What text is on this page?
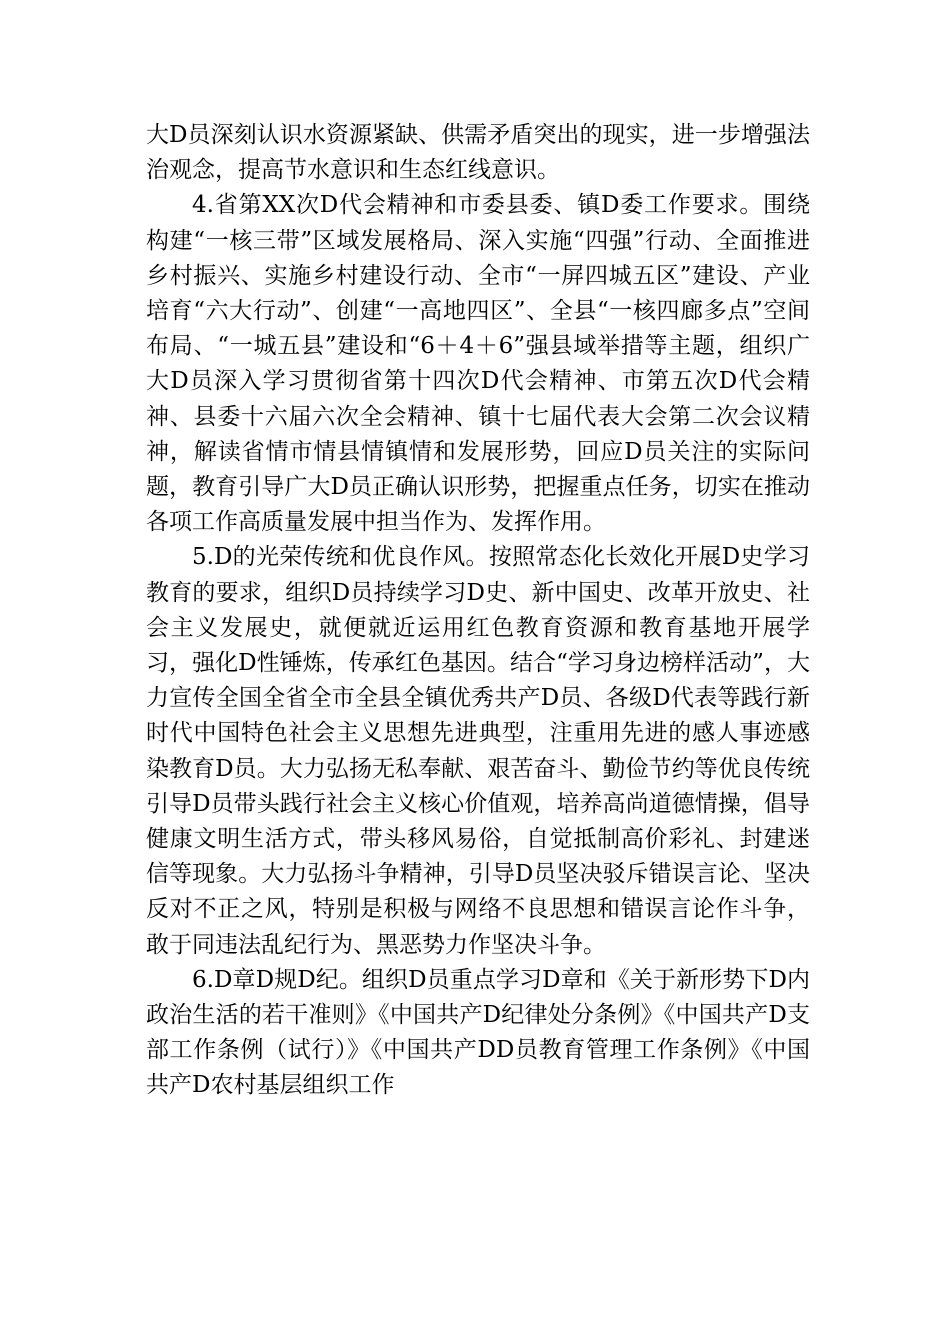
大D员深刻认识水资源紧缺、供需矛盾突出的现实，进一步增强法治观念，提高节水意识和生态红线意识。

4.省第XX次D代会精神和市委县委、镇D委工作要求。围绕构建“一核三带”区域发展格局、深入实施“四强”行动、全面推进乡村振兴、实施乡村建设行动、全市“一屏四城五区”建设、产业培育“六大行动”、创建“一高地四区”、全县“一核四廊多点”空间布局、“一城五县”建设和“6＋4＋6”强县域举措等主题，组织广大D员深入学习贯彻省第十四次D代会精神、市第五次D代会精神、县委十六届六次全会精神、镇十七届代表大会第二次会议精神，解读省情市情县情镇情和发展形势，回应D员关注的实际问题，教育引导广大D员正确认识形势，把握重点任务，切实在推动各项工作高质量发展中担当作为、发挥作用。

5.D的光荣传统和优良作风。按照常态化长效化开展D史学习教育的要求，组织D员持续学习D史、新中国史、改革开放史、社会主义发展史，就便就近运用红色教育资源和教育基地开展学习，强化D性锤炼，传承红色基因。结合“学习身边榜样活动”，大力宣传全国全省全市全县全镇优秀共产D员、各级D代表等践行新时代中国特色社会主义思想先进典型，注重用先进的感人事迹感染教育D员。大力弘扬无私奉献、艰苦奋斗、勤俭节约等优良传统引导D员带头践行社会主义核心价值观，培养高尚道德情操，倡导健康文明生活方式，带头移风易俗，自觉抵制高价彩礼、封建迷信等现象。大力弘扬斗争精神，引导D员坚决驳斥错误言论、坚决反对不正之风，特别是积极与网络不良思想和错误言论作斗争，敢于同违法乱纪行为、黑恶势力作坚决斗争。

6.D章D规D纪。组织D员重点学习D章和《关于新形势下D内政治生活的若干准则》《中国共产D纪律处分条例》《中国共产D支部工作条例（试行）》《中国共产DD员教育管理工作条例》《中国共产D农村基层组织工作
